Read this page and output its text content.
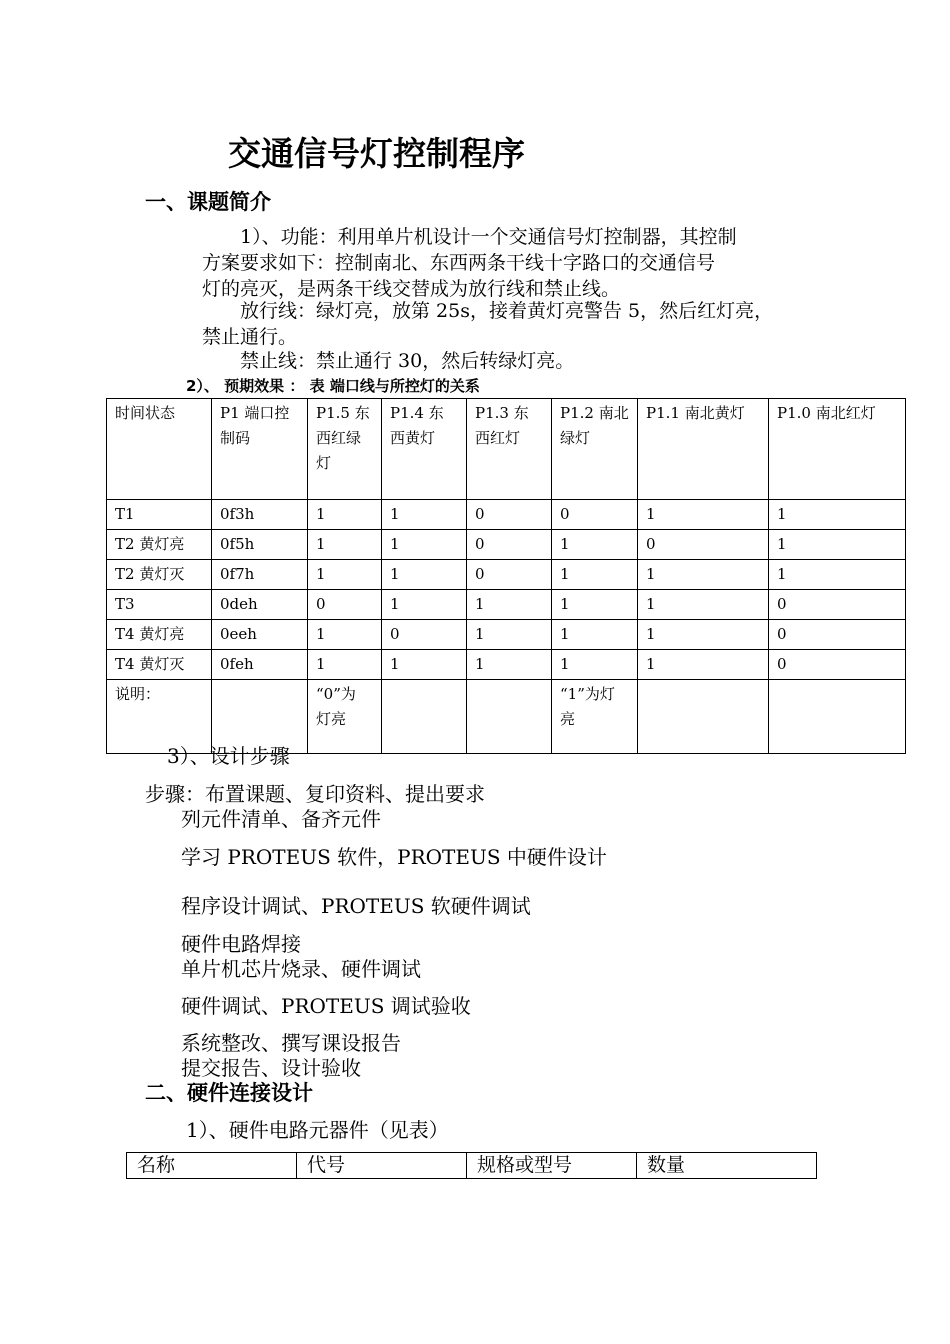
交通信号灯控制程序
一、课题简介
1）、功能：利用单片机设计一个交通信号灯控制器，其控制
方案要求如下：控制南北、东西两条干线十字路口的交通信号
灯的亮灭，是两条干线交替成为放行线和禁止线。
放行线：绿灯亮，放第 25s，接着黄灯亮警告 5，然后红灯亮，
禁止通行。
禁止线：禁止通行 30，然后转绿灯亮。
2）、 预期效果 ： 表 端口线与所控灯的关系
时间状态	P1 端口控制码	P1.5 东西红绿灯	P1.4 东西黄灯	P1.3 东西红灯	P1.2 南北绿灯	P1.1 南北黄灯	P1.0 南北红灯
T1	0f3h	1	1	0	0	1	1
T2 黄灯亮	0f5h	1	1	0	1	0	1
T2 黄灯灭	0f7h	1	1	0	1	1	1
T3	0deh	0	1	1	1	1	0
T4 黄灯亮	0eeh	1	0	1	1	1	0
T4 黄灯灭	0feh	1	1	1	1	1	0
说明：		“0”为 灯亮			“1”为灯亮		
3）、设计步骤
步骤：布置课题、复印资料、提出要求
列元件清单、备齐元件
学习 PROTEUS 软件，PROTEUS 中硬件设计
程序设计调试、PROTEUS 软硬件调试
硬件电路焊接
单片机芯片烧录、硬件调试
硬件调试、PROTEUS 调试验收
系统整改、撰写课设报告
提交报告、设计验收
二、硬件连接设计
1）、硬件电路元器件（见表）
名称	代号	规格或型号	数量
